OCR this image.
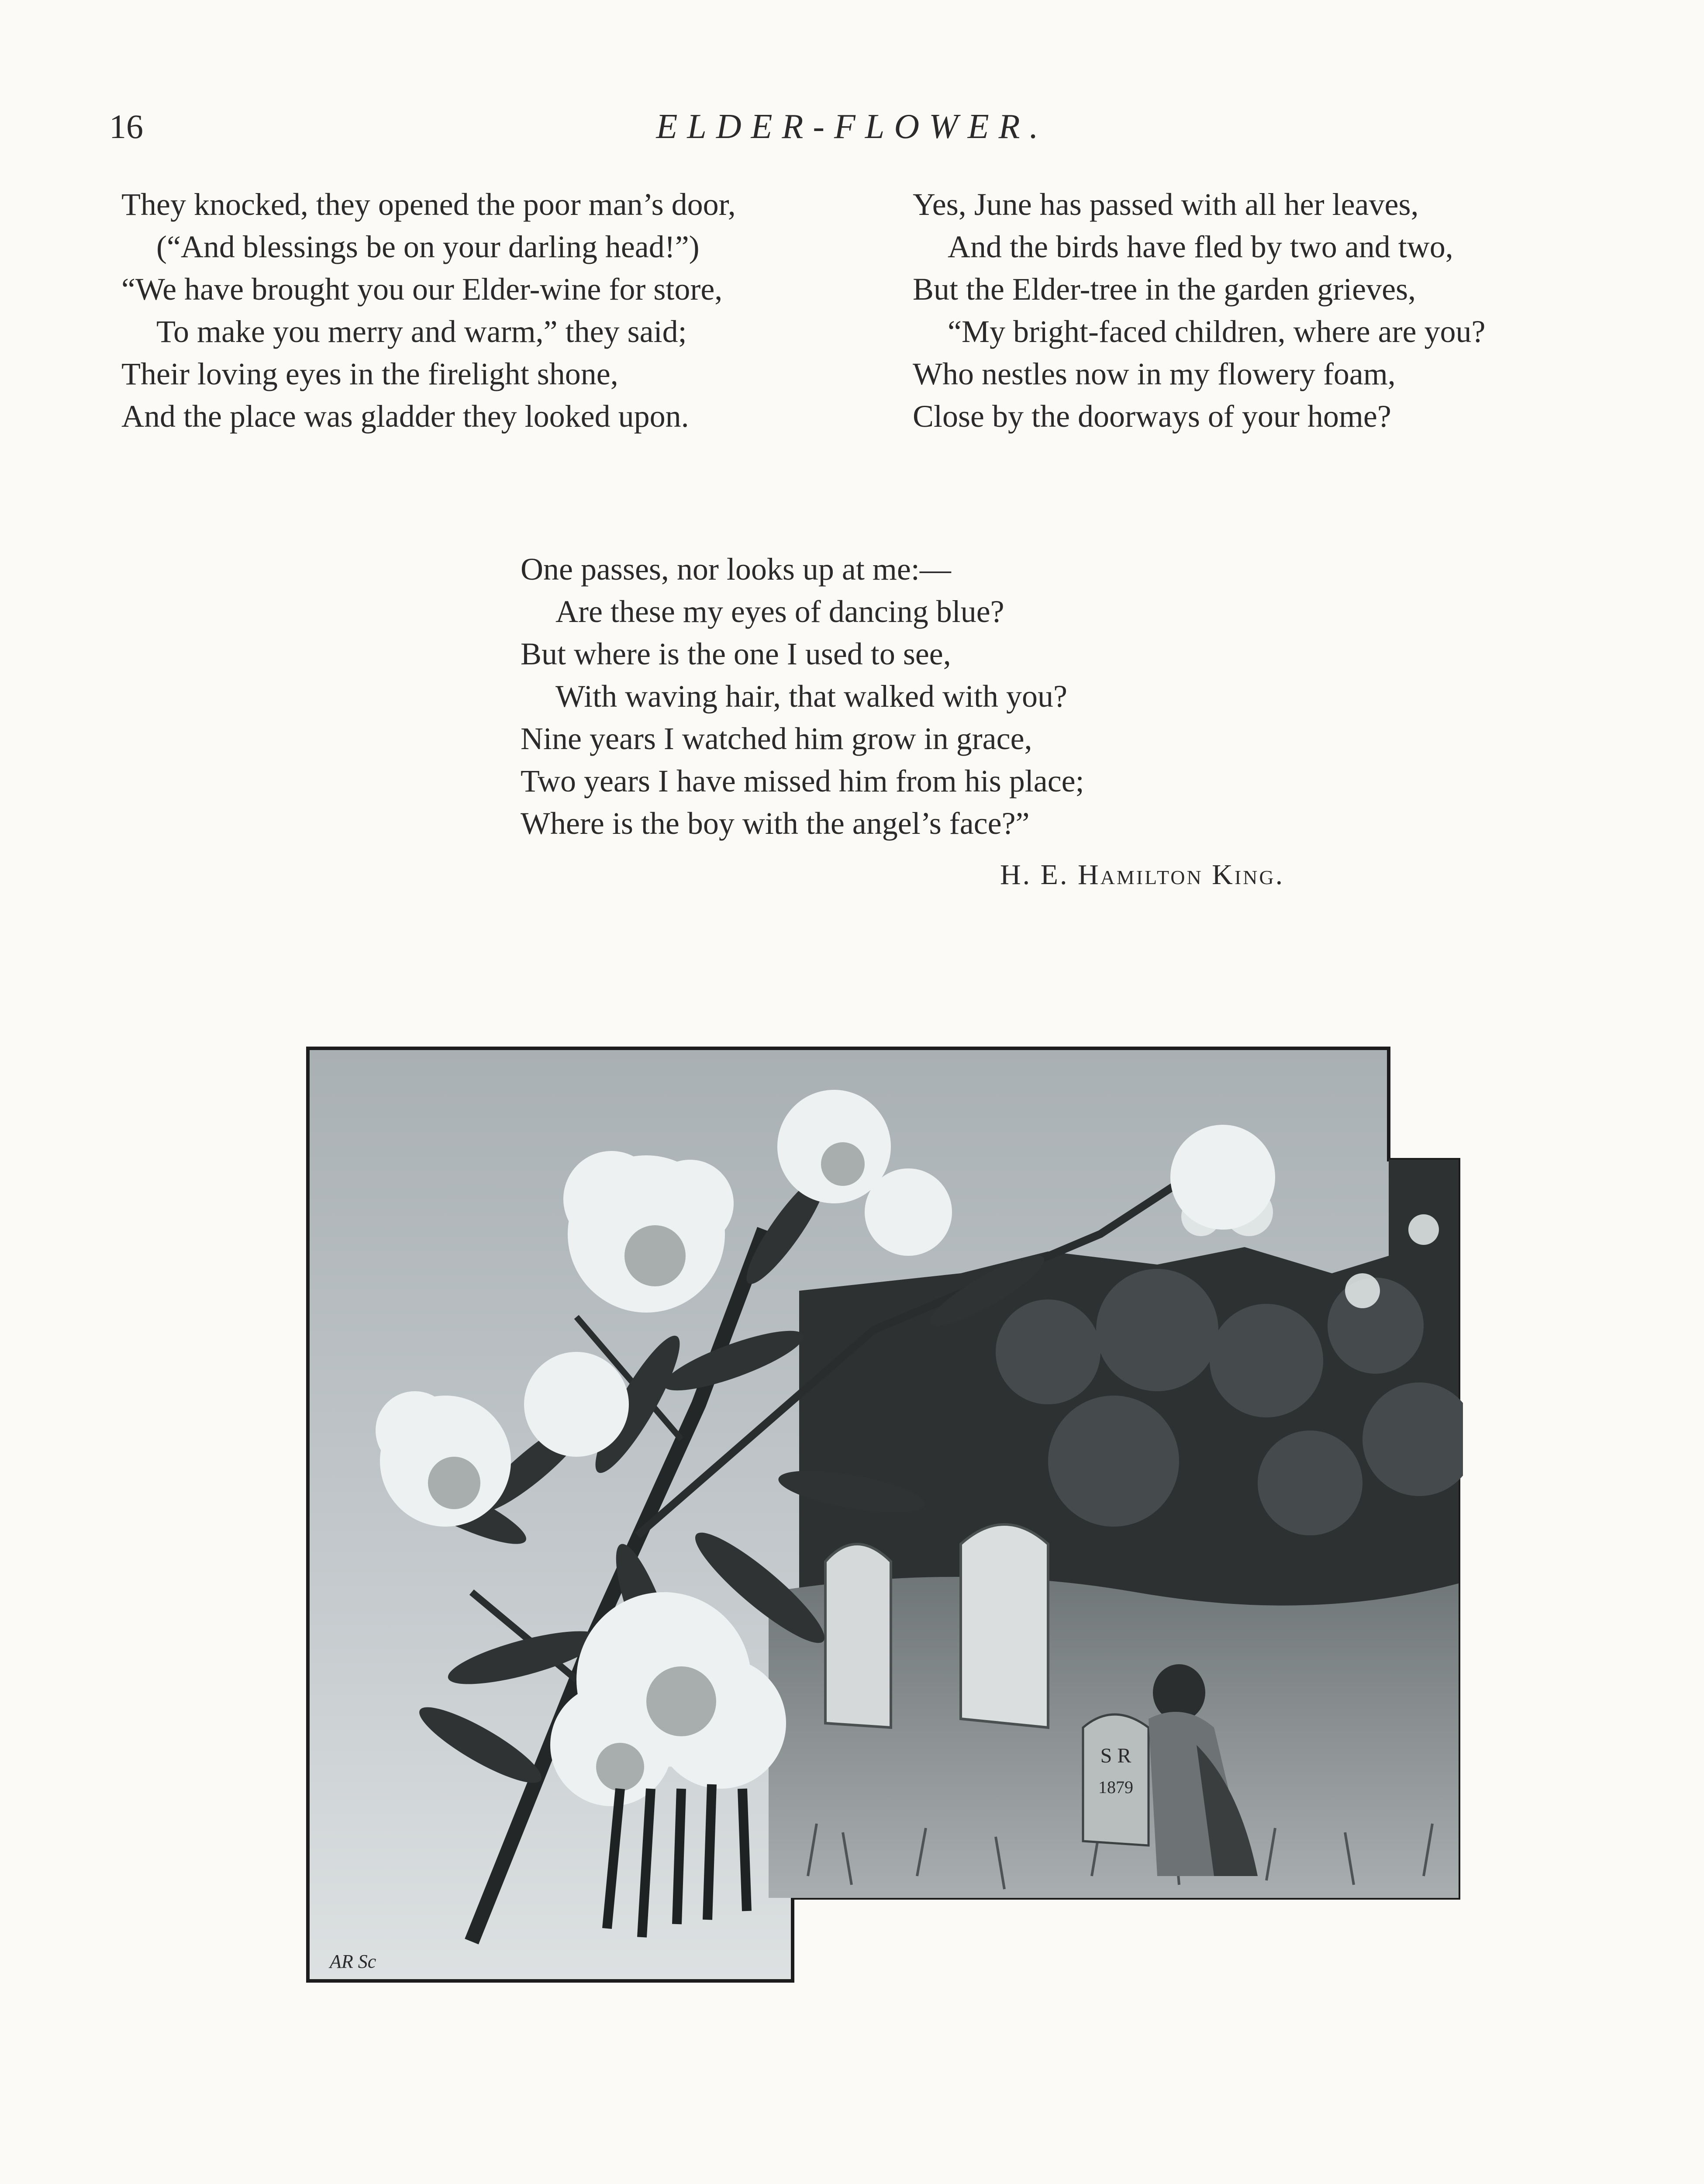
16	ELDER-FLOWER.
They knocked, they opened the poor man’s door,
(“And blessings be on your darling head!”)
“We have brought you our Elder-wine for store,
To make you merry and warm,” they said;
Their loving eyes in the firelight shone,
And the place was gladder they looked upon.
Yes, June has passed with all her leaves,
And the birds have fled by two and two,
But the Elder-tree in the garden grieves,
“My bright-faced children, where are you?
Who nestles now in my flowery foam,
Close by the doorways of your home?
One passes, nor looks up at me:—
Are these my eyes of dancing blue?
But where is the one I used to see,
With waving hair, that walked with you?
Nine years I watched him grow in grace,
Two years I have missed him from his place;
Where is the boy with the angel’s face?”
H. E. Hamilton King.
S R
1879
AR Sc
